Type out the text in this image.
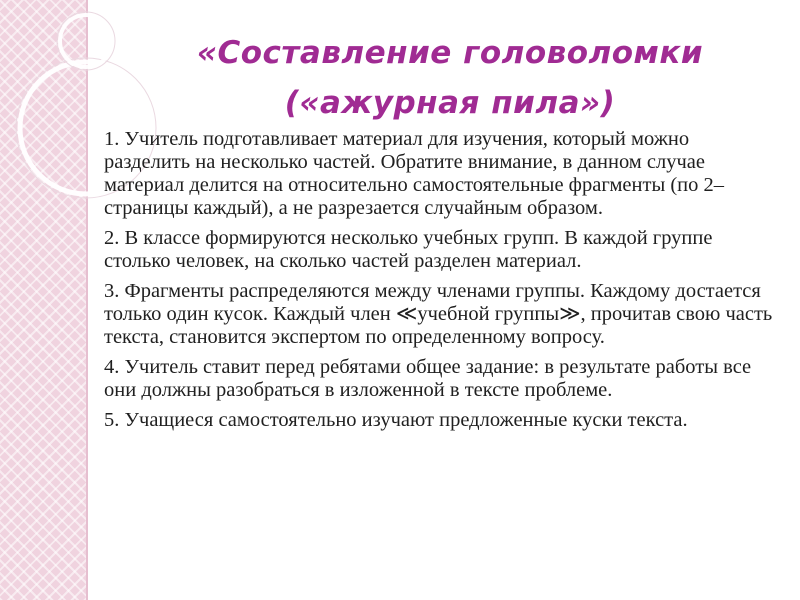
«Составление головоломки
(«ажурная пила»)

1. Учитель подготавливает материал для изучения, который можно разделить на несколько частей. Обратите внимание, в данном случае материал делится на относительно самостоятельные фрагменты (по 2– страницы каждый), а не разрезается случайным образом.

2. В классе формируются несколько учебных групп. В каждой группе столько человек, на сколько частей разделен материал.

3. Фрагменты распределяются между членами группы. Каждому достается только один кусок. Каждый член ≪учебной группы≫, прочитав свою часть текста, становится экспертом по определенному вопросу.

4. Учитель ставит перед ребятами общее задание: в результате работы все они должны разобраться в изложенной в тексте проблеме.

5. Учащиеся самостоятельно изучают предложенные куски текста.
